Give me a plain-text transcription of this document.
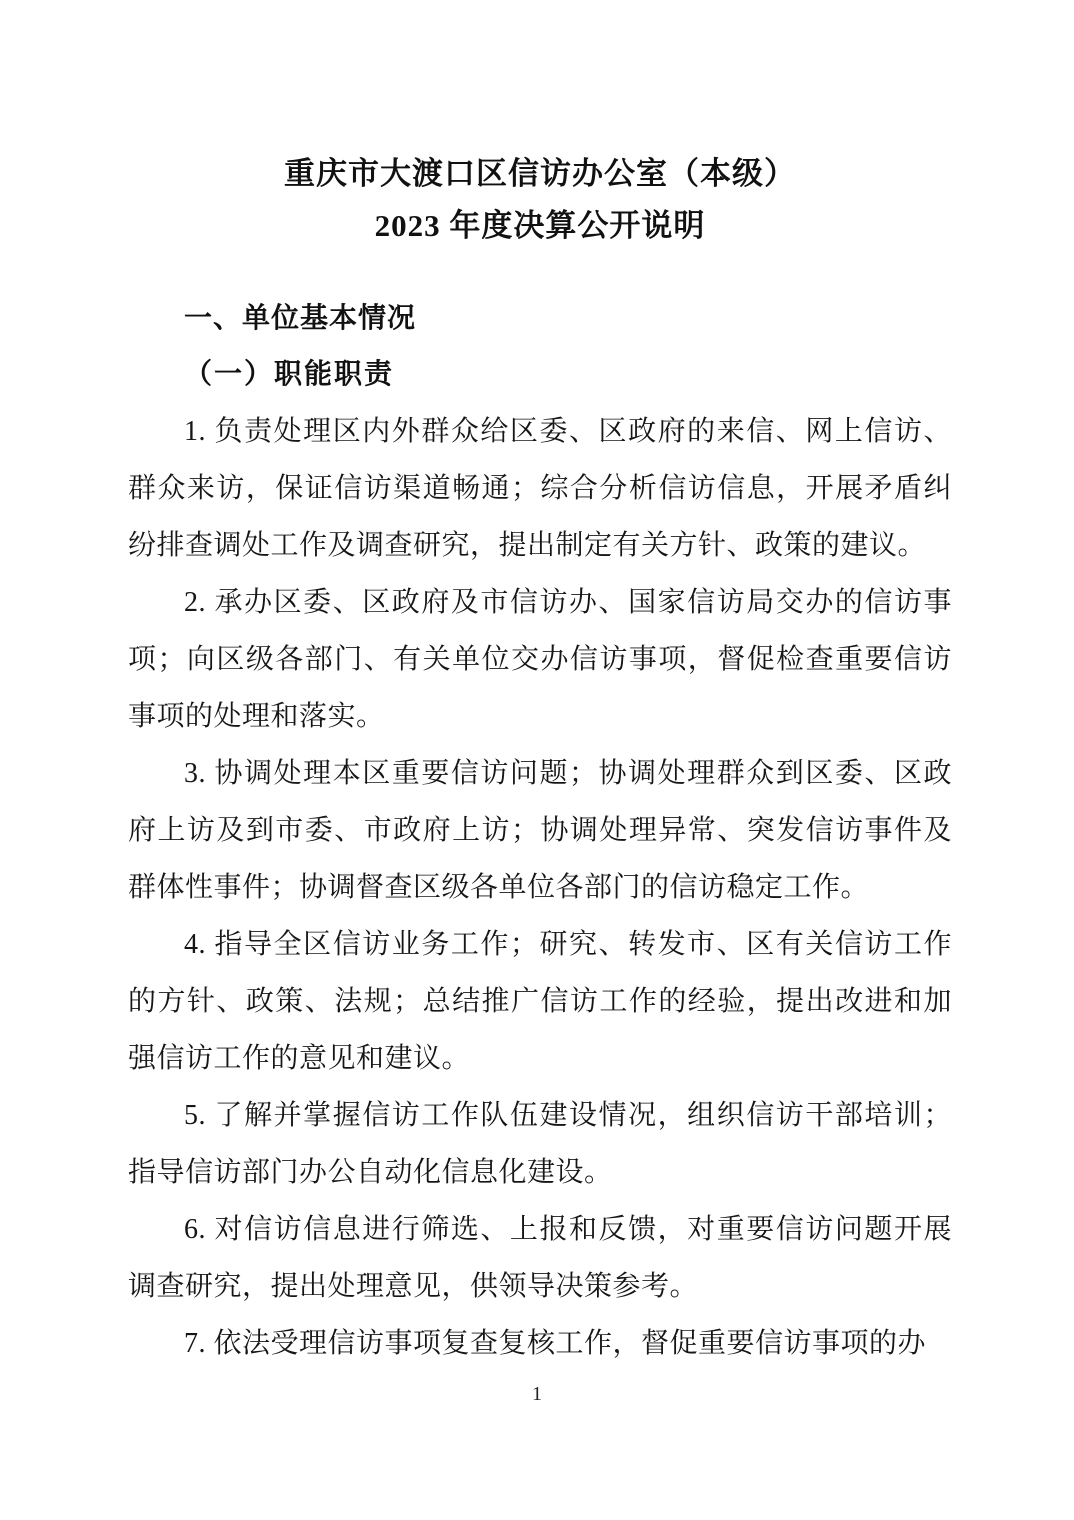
重庆市大渡口区信访办公室（本级）
2023 年度决算公开说明
一、单位基本情况
（一）职能职责

1. 负责处理区内外群众给区委、区政府的来信、网上信访、群众来访，保证信访渠道畅通；综合分析信访信息，开展矛盾纠纷排查调处工作及调查研究，提出制定有关方针、政策的建议。

2. 承办区委、区政府及市信访办、国家信访局交办的信访事项；向区级各部门、有关单位交办信访事项，督促检查重要信访事项的处理和落实。

3. 协调处理本区重要信访问题；协调处理群众到区委、区政府上访及到市委、市政府上访；协调处理异常、突发信访事件及群体性事件；协调督查区级各单位各部门的信访稳定工作。

4. 指导全区信访业务工作；研究、转发市、区有关信访工作的方针、政策、法规；总结推广信访工作的经验，提出改进和加强信访工作的意见和建议。

5. 了解并掌握信访工作队伍建设情况，组织信访干部培训；指导信访部门办公自动化信息化建设。

6. 对信访信息进行筛选、上报和反馈，对重要信访问题开展调查研究，提出处理意见，供领导决策参考。

7. 依法受理信访事项复查复核工作，督促重要信访事项的办

1
